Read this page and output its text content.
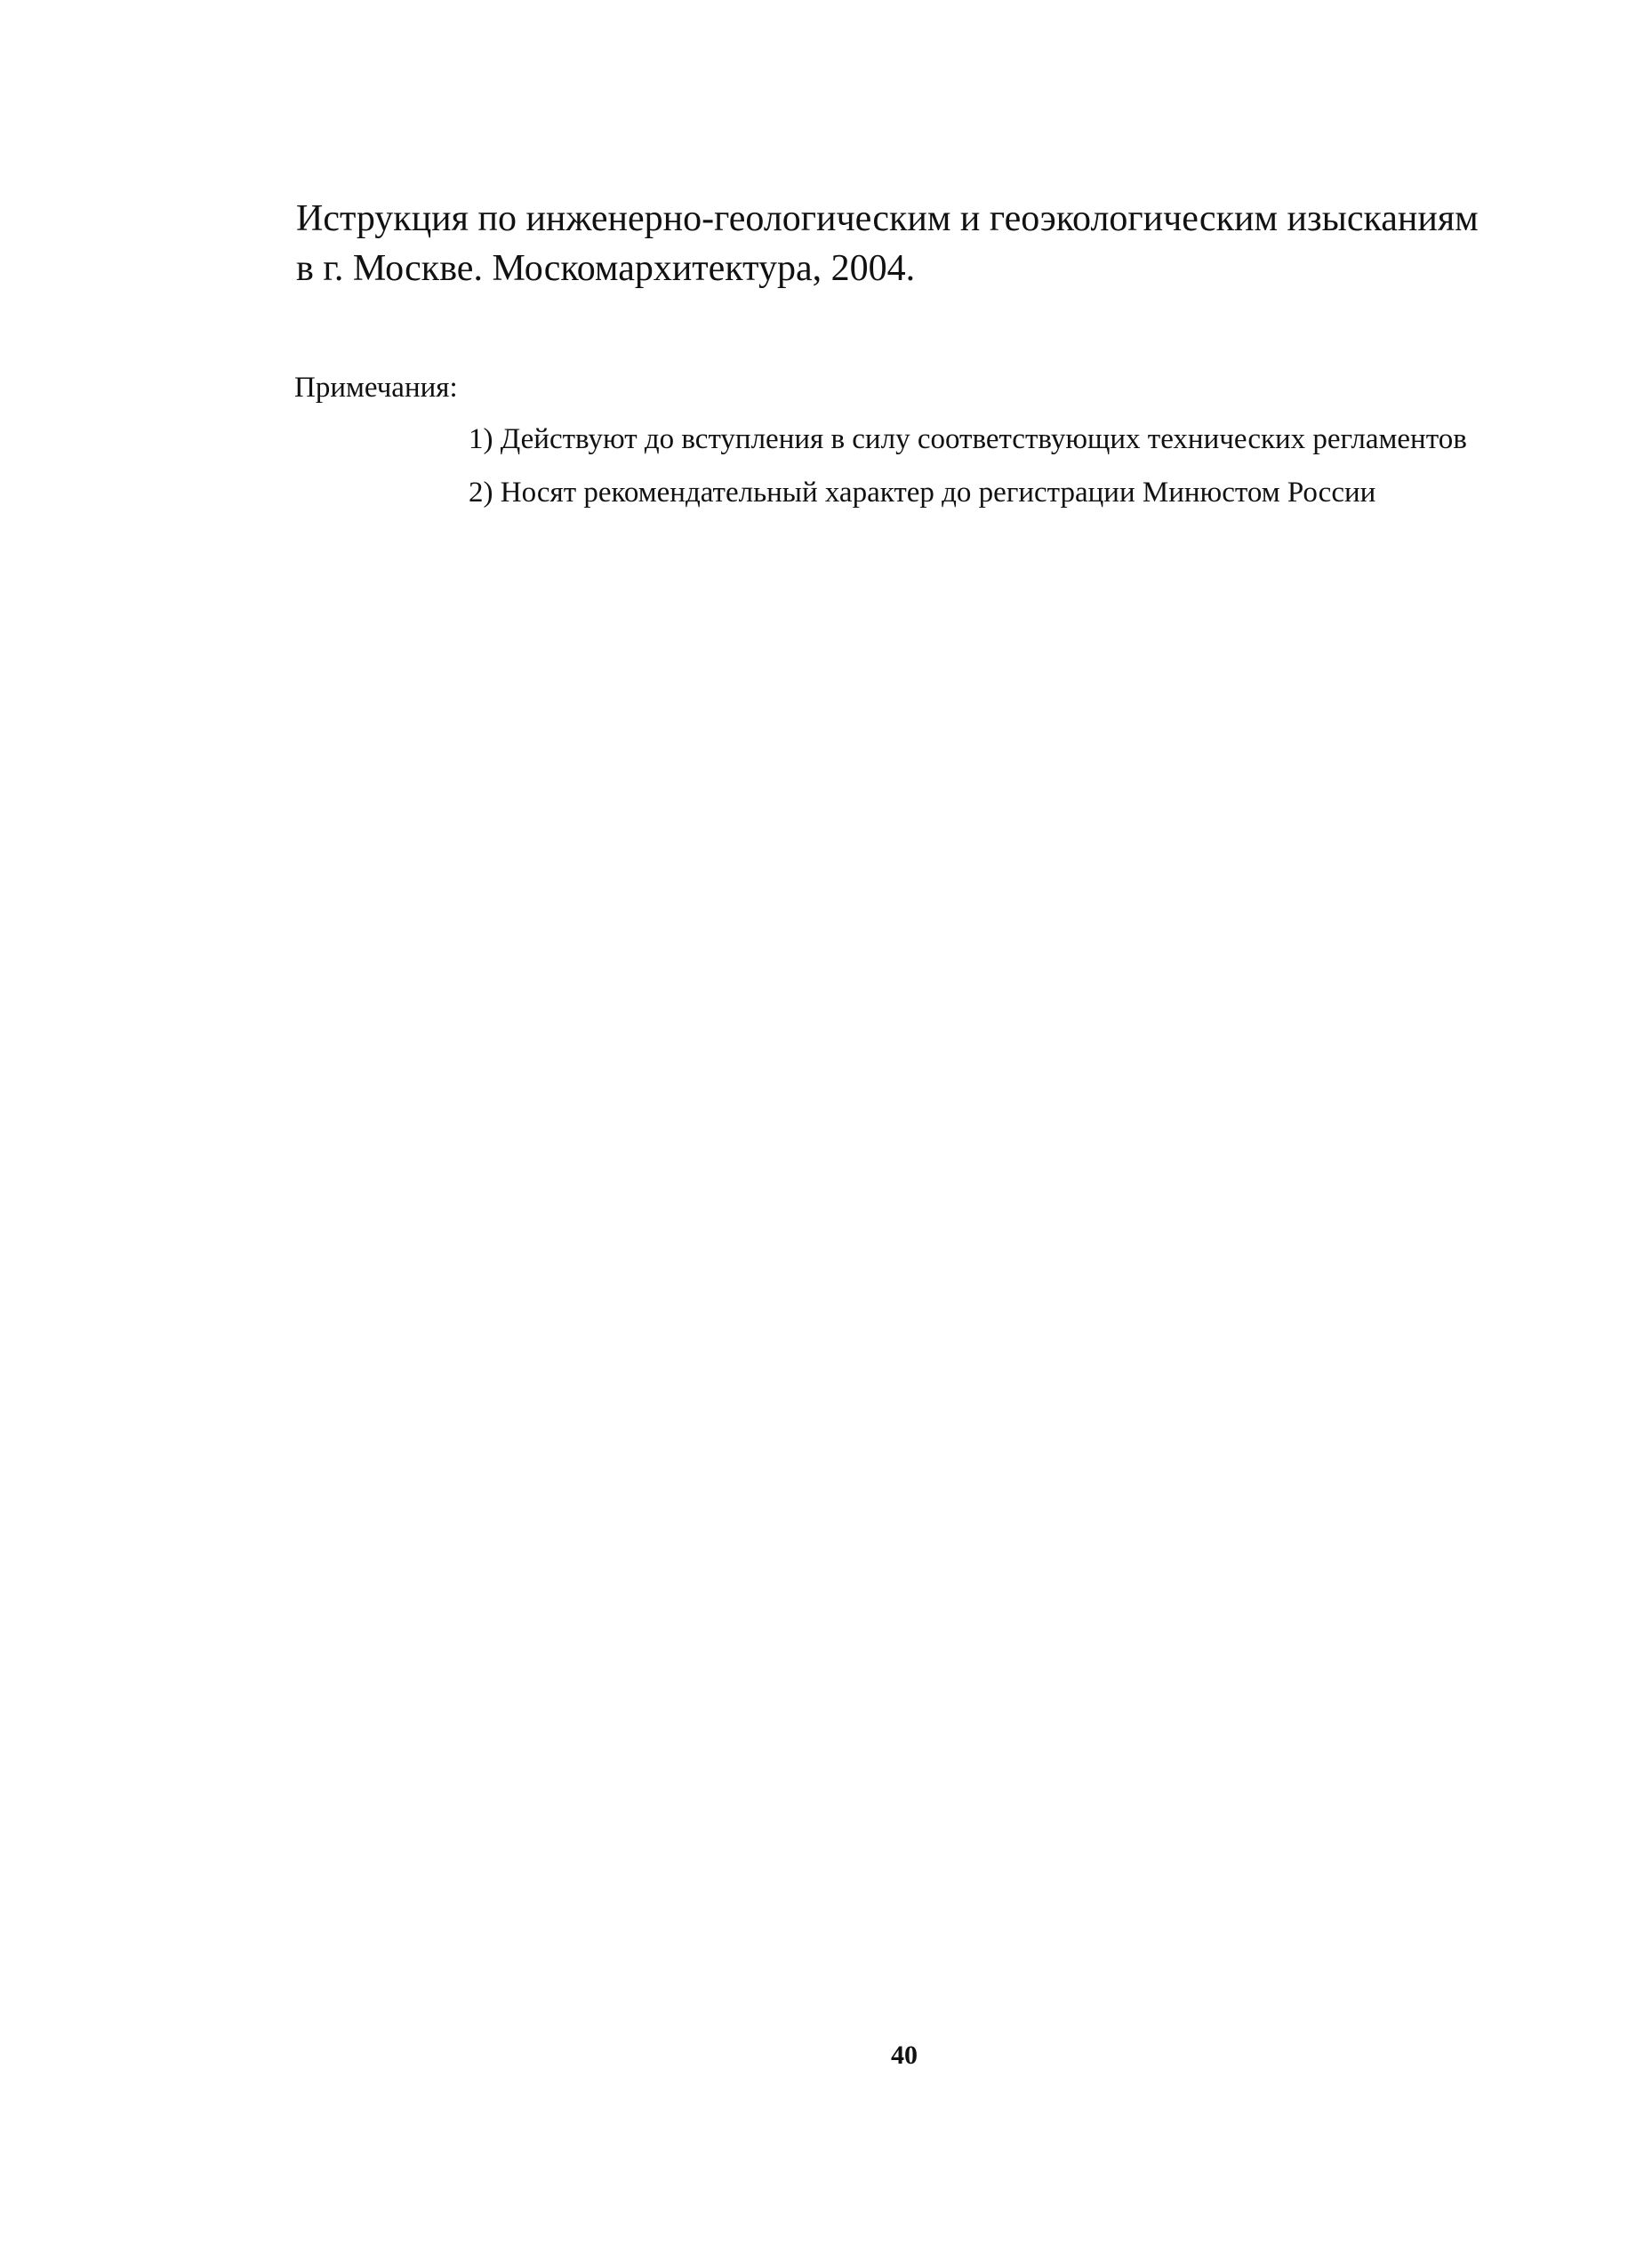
Иструкция по инженерно-геологическим и геоэкологическим изысканиям в г. Москве. Москомархитектура, 2004.

Примечания:

1) Действуют до вступления в силу соответствующих технических регламентов
2) Носят рекомендательный характер до регистрации Минюстом России
40
